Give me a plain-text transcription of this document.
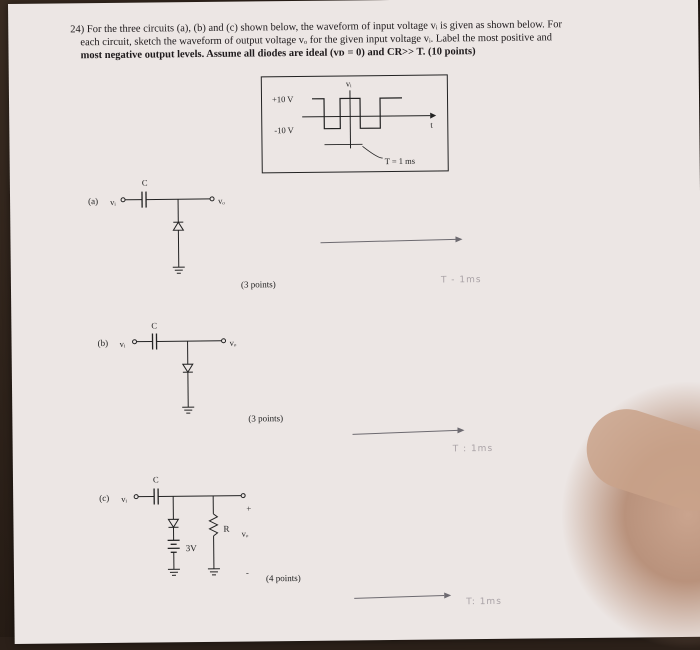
24) For the three circuits (a), (b) and (c) shown below, the waveform of input voltage vᵢ is given as shown below. For

each circuit, sketch the waveform of output voltage vₒ for the given input voltage vᵢ. Label the most positive and

most negative output levels. Assume all diodes are ideal (vᴅ = 0) and CR>> T. (10 points)

vᵢ
+10 V
-10 V
t
T = 1 ms
(a) vᵢ
C
vₒ
(3 points)	T - 1ms
(b) vᵢ
C
vₒ
(3 points)
T : 1ms
(c) vᵢ
C
+
R vₒ
3V
-
(4 points)
T: 1ms
